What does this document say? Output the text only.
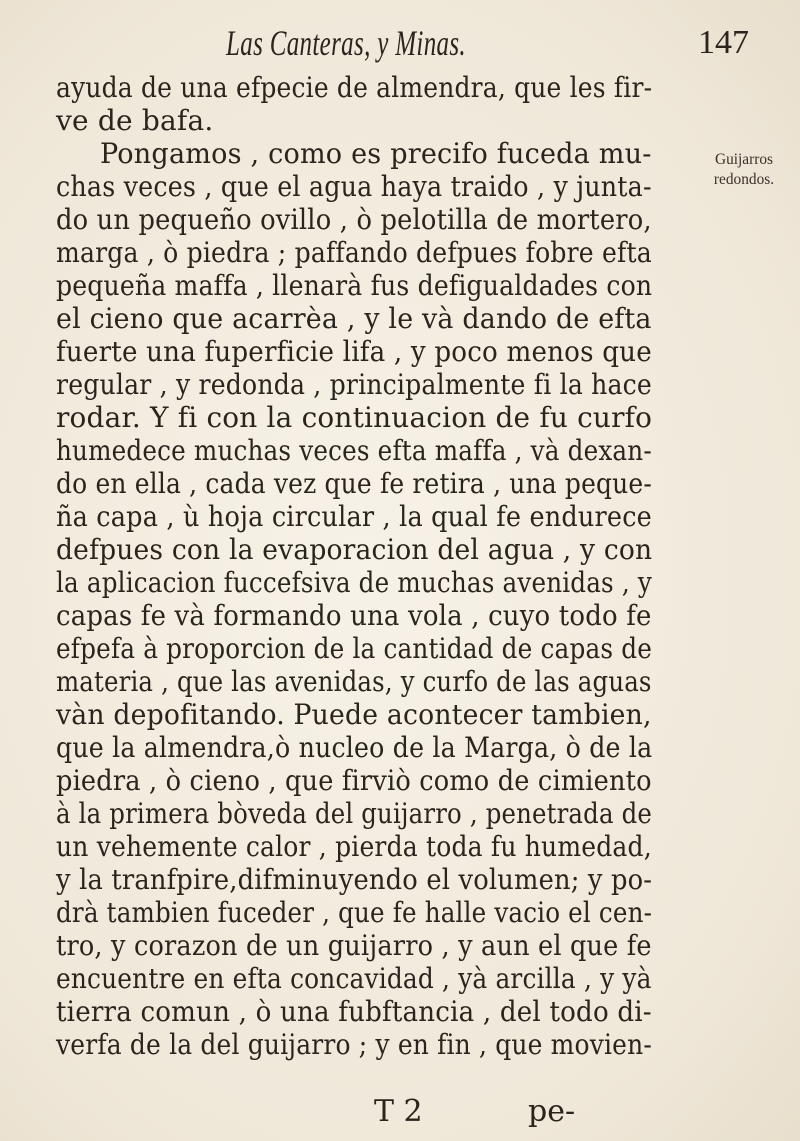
Las Canteras, y Minas.	147
Guijarros
redondos.
ayuda de una efpecie de almendra, que les fir-
ve de bafa.
Pongamos , como es precifo fuceda mu-
chas veces , que el agua haya traido , y junta-
do un pequeño ovillo , ò pelotilla de mortero,
marga , ò piedra ; paffando defpues fobre efta
pequeña maffa , llenarà fus defigualdades con
el cieno que acarrèa , y le và dando de efta
fuerte una fuperficie lifa , y poco menos que
regular , y redonda , principalmente fi la hace
rodar. Y fi con la continuacion de fu curfo
humedece muchas veces efta maffa , và dexan-
do en ella , cada vez que fe retira , una peque-
ña capa , ù hoja circular , la qual fe endurece
defpues con la evaporacion del agua , y con
la aplicacion fuccefsiva de muchas avenidas , y
capas fe và formando una vola , cuyo todo fe
efpefa à proporcion de la cantidad de capas de
materia , que las avenidas, y curfo de las aguas
vàn depofitando. Puede acontecer tambien,
que la almendra,ò nucleo de la Marga, ò de la
piedra , ò cieno , que firviò como de cimiento
à la primera bòveda del guijarro , penetrada de
un vehemente calor , pierda toda fu humedad,
y la tranfpire,difminuyendo el volumen; y po-
drà tambien fuceder , que fe halle vacio el cen-
tro, y corazon de un guijarro , y aun el que fe
encuentre en efta concavidad , yà arcilla , y yà
tierra comun , ò una fubftancia , del todo di-
verfa de la del guijarro ; y en fin , que movien-
T 2	pe-
